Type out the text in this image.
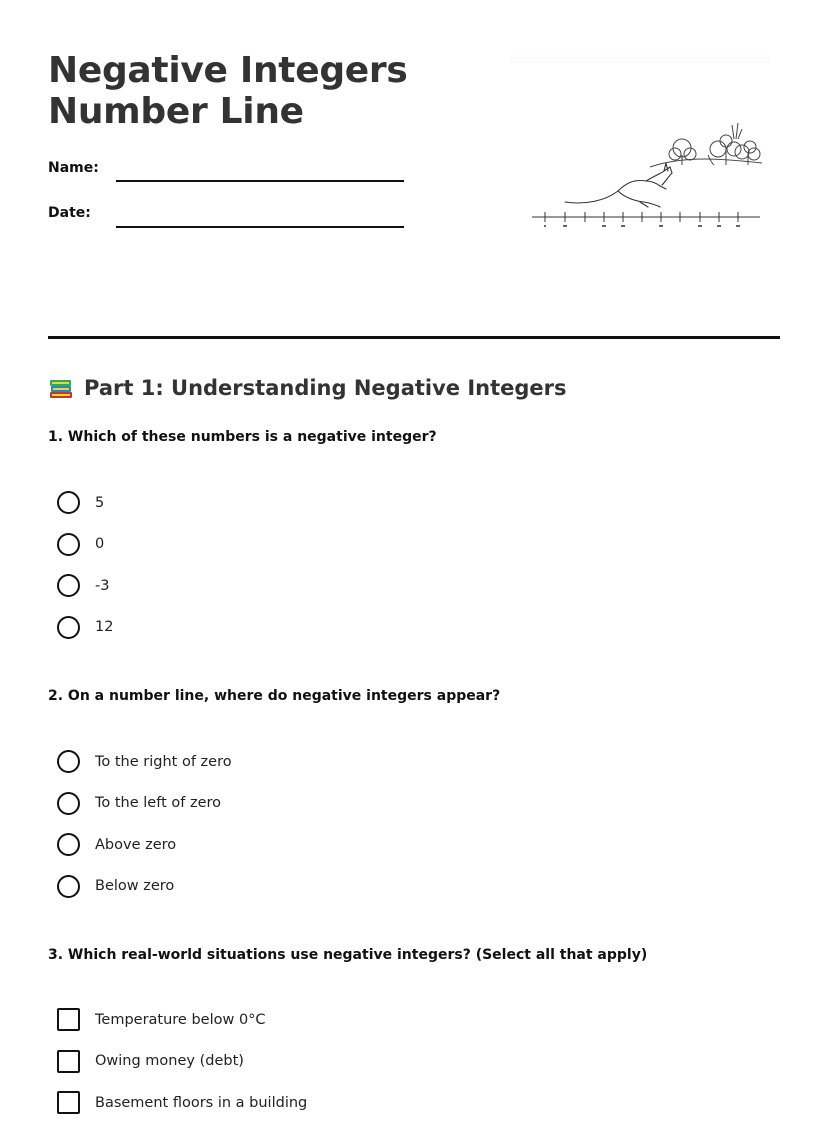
Negative Integers
Number Line
Name:
Date:
Part 1: Understanding Negative Integers

1. Which of these numbers is a negative integer?

5
0
-3
12

2. On a number line, where do negative integers appear?

To the right of zero
To the left of zero
Above zero
Below zero

3. Which real-world situations use negative integers? (Select all that apply)

Temperature below 0°C
Owing money (debt)
Basement floors in a building
